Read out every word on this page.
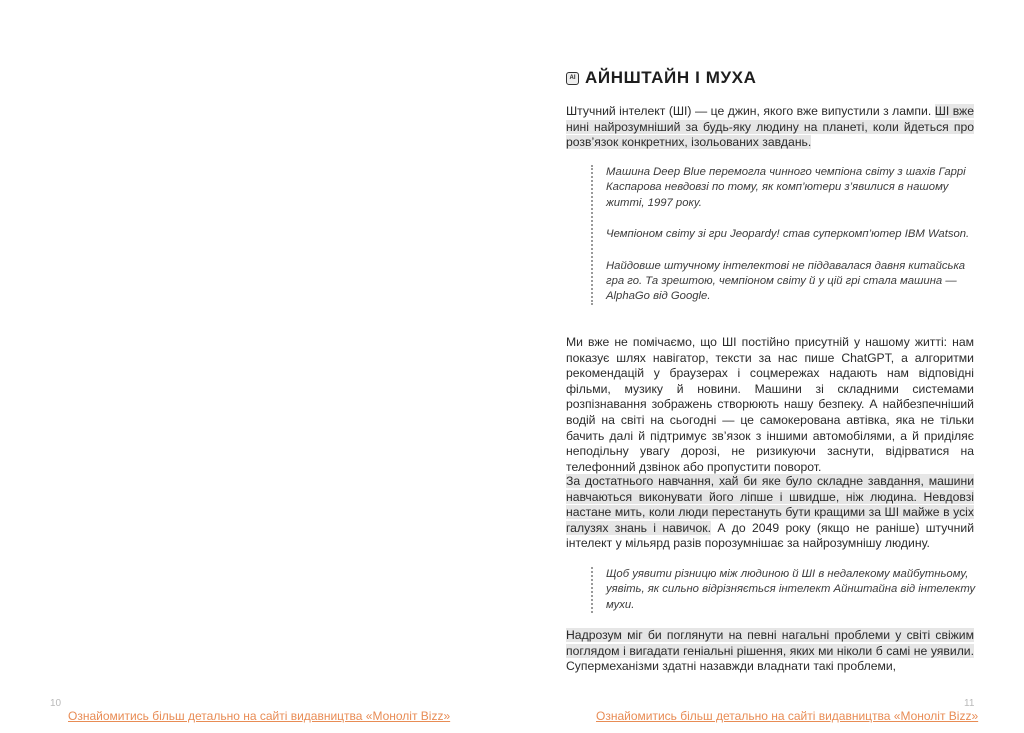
10
Ознайомитись більш детально на сайті видавництва «Моноліт Bizz»
AI АЙНШТАЙН І МУХА

Штучний інтелект (ШІ) — це джин, якого вже випустили з лампи. ШІ вже нині найрозумніший за будь-яку людину на планеті, коли йдеться про розв’язок конкретних, ізольованих завдань.

Машина Deep Blue перемогла чинного чемпіона світу з шахів Гаррі Каспарова невдовзі по тому, як комп’ютери з’явилися в нашому житті, 1997 року.

Чемпіоном світу зі гри Jeopardy! став суперкомп’ютер IBM Watson.

Найдовше штучному інтелектові не піддавалася давня китайська гра го. Та зрештою, чемпіоном світу й у цій грі стала машина — AlphaGo від Google.

Ми вже не помічаємо, що ШІ постійно присутній у нашому житті: нам показує шлях навігатор, тексти за нас пише ChatGPT, а алгоритми рекомендацій у браузерах і соцмережах надають нам відповідні фільми, музику й новини. Машини зі складними системами розпізнавання зображень створюють нашу безпеку. А найбезпечніший водій на світі на сьогодні — це самокерована автівка, яка не тільки бачить далі й підтримує зв’язок з іншими автомобілями, а й приділяє неподільну увагу дорозі, не ризикуючи заснути, відірватися на телефонний дзвінок або пропустити поворот.

За достатнього навчання, хай би яке було складне завдання, машини навчаються виконувати його ліпше і швидше, ніж людина. Невдовзі настане мить, коли люди перестануть бути кращими за ШІ майже в усіх галузях знань і навичок. А до 2049 року (якщо не раніше) штучний інтелект у мільярд разів порозумнішає за найрозумнішу людину.

Щоб уявити різницю між людиною й ШІ в недалекому майбутньому, уявіть, як сильно відрізняється інтелект Айнштайна від інтелекту мухи.

Надрозум міг би поглянути на певні нагальні проблеми у світі свіжим поглядом і вигадати геніальні рішення, яких ми ніколи б самі не уявили. Супермеханізми здатні назавжди владнати такі проблеми,

11
Ознайомитись більш детально на сайті видавництва «Моноліт Bizz»
